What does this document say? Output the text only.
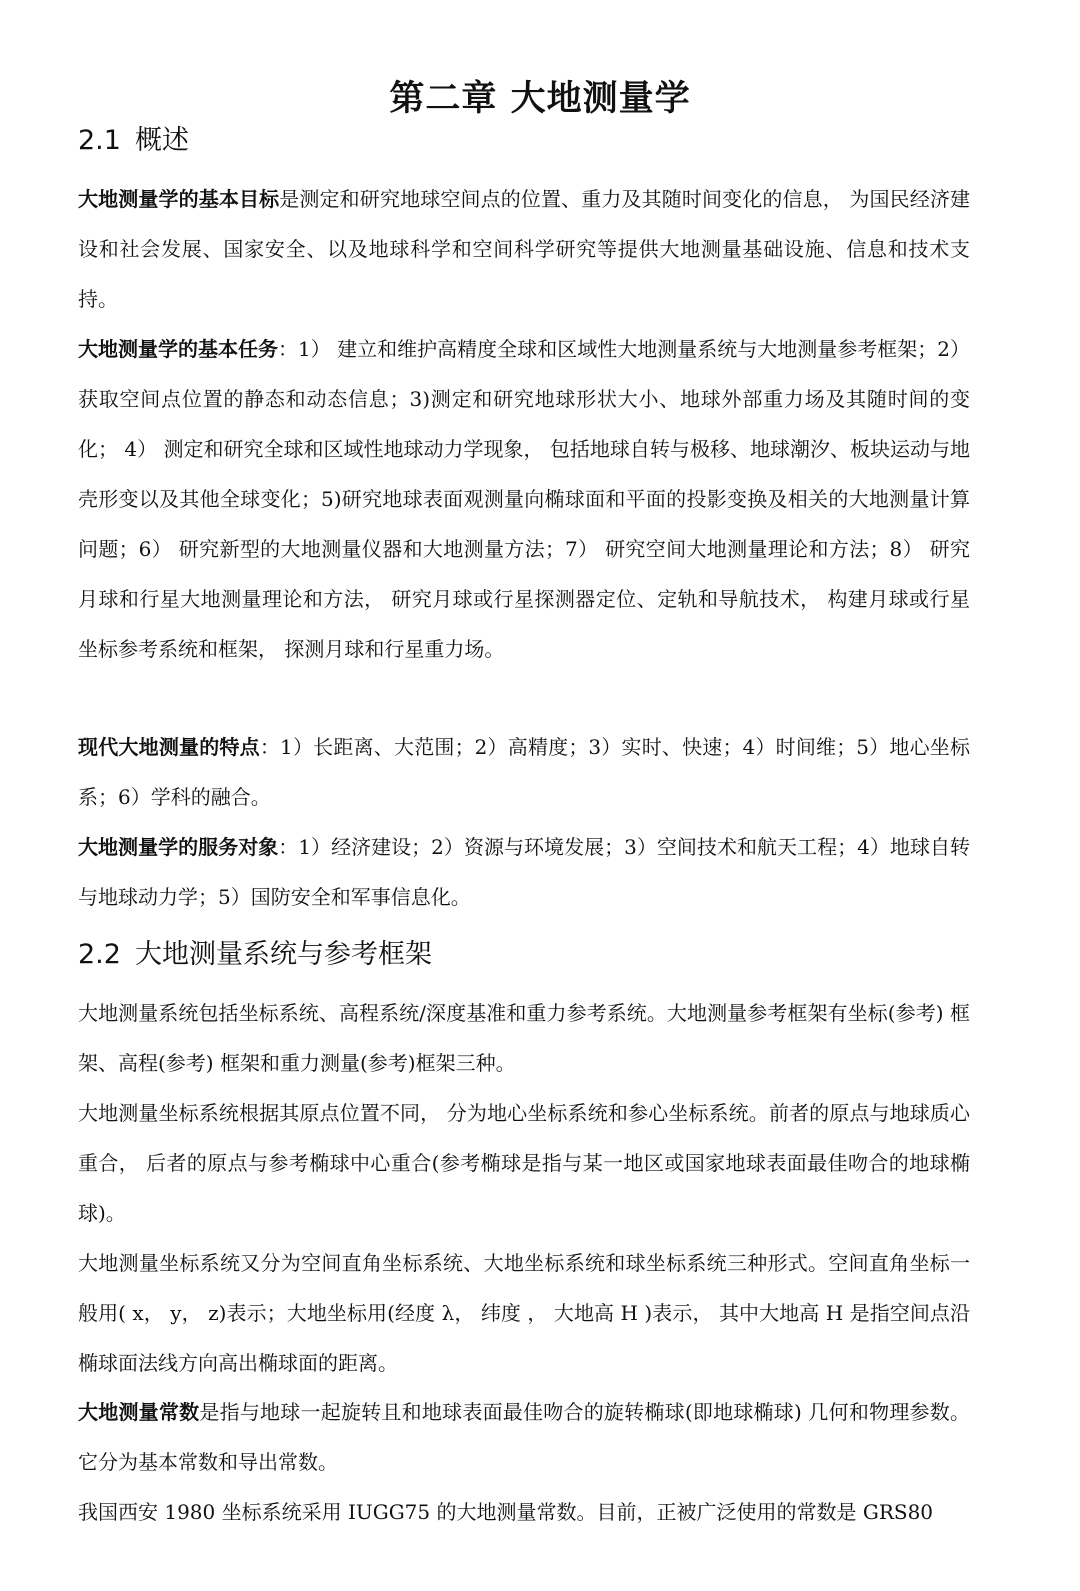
第二章 大地测量学
2.1 概述

大地测量学的基本目标是测定和研究地球空间点的位置、重力及其随时间变化的信息， 为国民经济建设和社会发展、国家安全、以及地球科学和空间科学研究等提供大地测量基础设施、信息和技术支持。

大地测量学的基本任务：1） 建立和维护高精度全球和区域性大地测量系统与大地测量参考框架；2） 获取空间点位置的静态和动态信息；3)测定和研究地球形状大小、地球外部重力场及其随时间的变化； 4） 测定和研究全球和区域性地球动力学现象， 包括地球自转与极移、地球潮汐、板块运动与地壳形变以及其他全球变化；5)研究地球表面观测量向椭球面和平面的投影变换及相关的大地测量计算问题；6） 研究新型的大地测量仪器和大地测量方法；7） 研究空间大地测量理论和方法；8） 研究月球和行星大地测量理论和方法， 研究月球或行星探测器定位、定轨和导航技术， 构建月球或行星坐标参考系统和框架， 探测月球和行星重力场。

现代大地测量的特点：1）长距离、大范围；2）高精度；3）实时、快速；4）时间维；5）地心坐标系；6）学科的融合。

大地测量学的服务对象：1）经济建设；2）资源与环境发展；3）空间技术和航天工程；4）地球自转与地球动力学；5）国防安全和军事信息化。

2.2 大地测量系统与参考框架

大地测量系统包括坐标系统、高程系统/深度基准和重力参考系统。大地测量参考框架有坐标(参考) 框架、高程(参考) 框架和重力测量(参考)框架三种。

大地测量坐标系统根据其原点位置不同， 分为地心坐标系统和参心坐标系统。前者的原点与地球质心重合， 后者的原点与参考椭球中心重合(参考椭球是指与某一地区或国家地球表面最佳吻合的地球椭球)。

大地测量坐标系统又分为空间直角坐标系统、大地坐标系统和球坐标系统三种形式。空间直角坐标一般用( x， y， z)表示；大地坐标用(经度 λ， 纬度 ， 大地高 H )表示， 其中大地高 H 是指空间点沿椭球面法线方向高出椭球面的距离。

大地测量常数是指与地球一起旋转且和地球表面最佳吻合的旋转椭球(即地球椭球) 几何和物理参数。它分为基本常数和导出常数。

我国西安 1980 坐标系统采用 IUGG75 的大地测量常数。目前，正被广泛使用的常数是 GRS80
